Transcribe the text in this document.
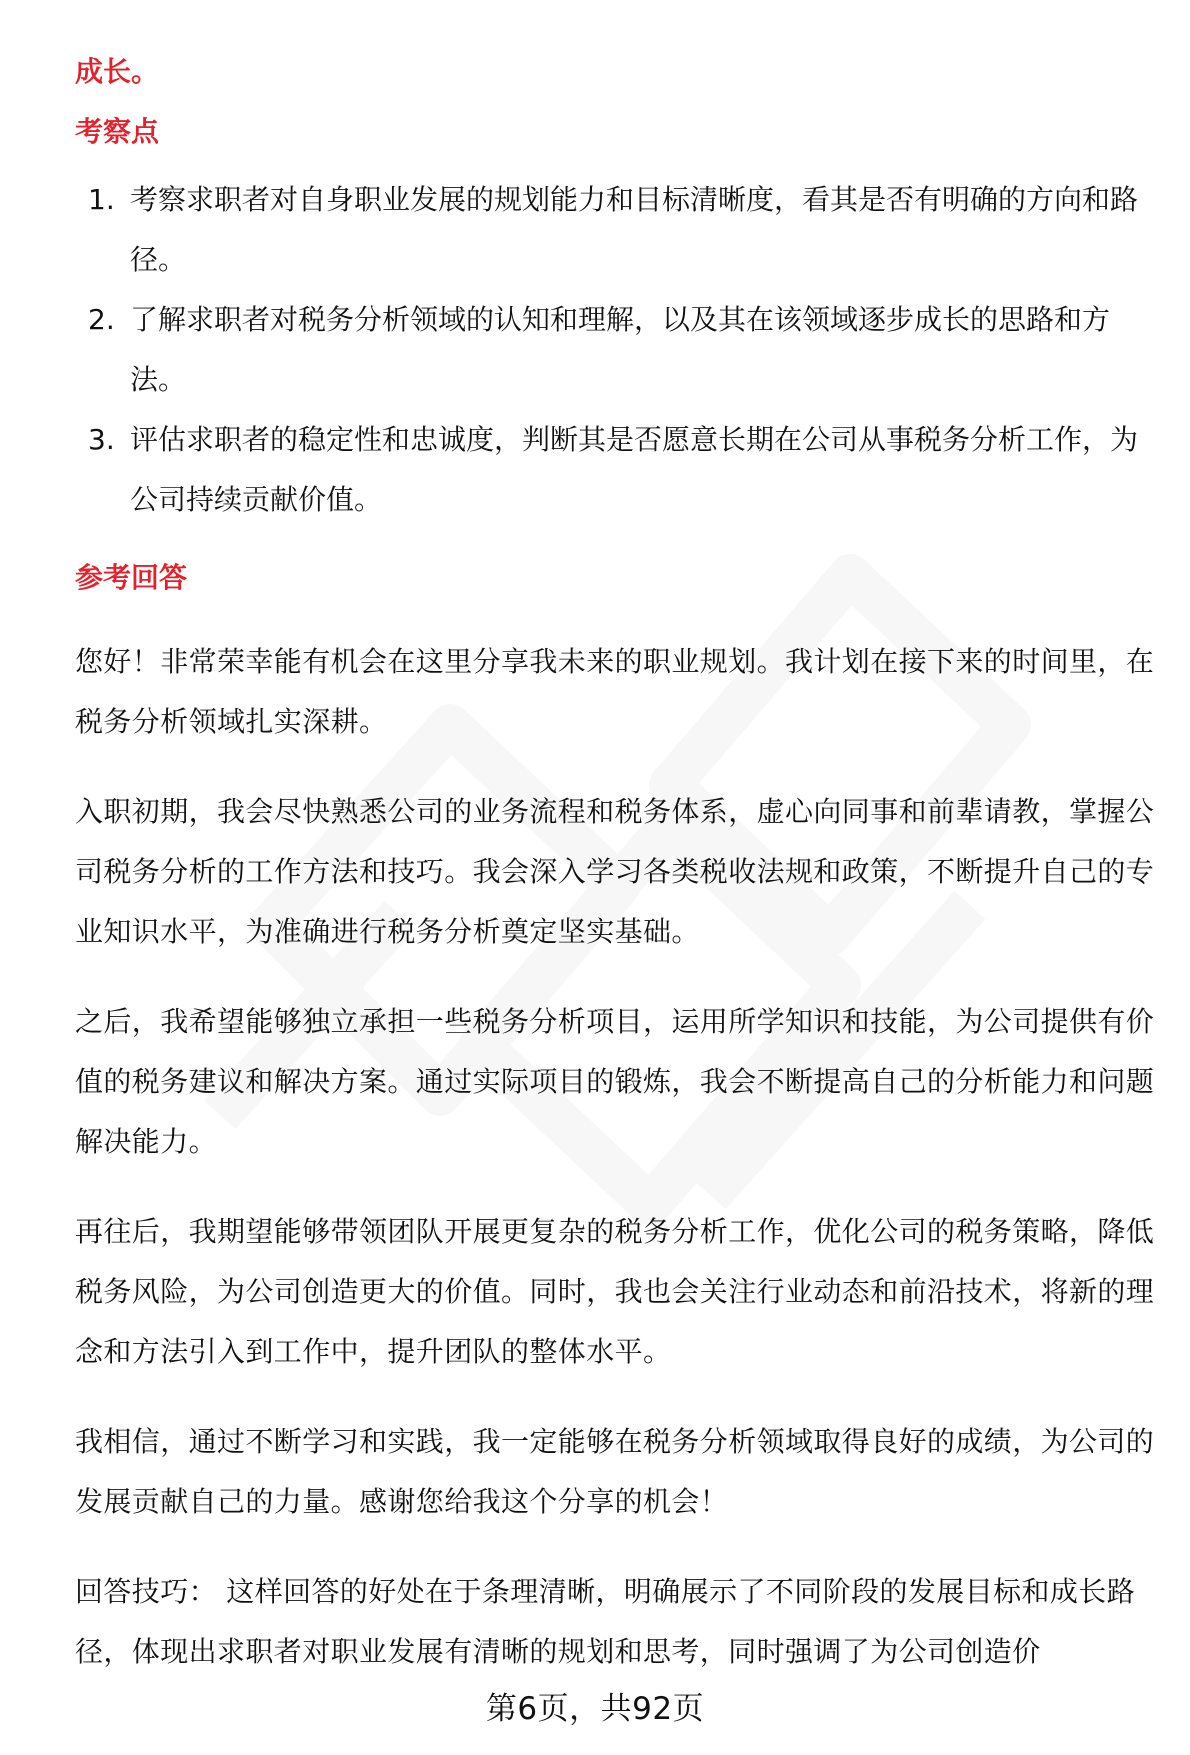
成长。
考察点
1. 考察求职者对自身职业发展的规划能力和目标清晰度，看其是否有明确的方向和路径。
2. 了解求职者对税务分析领域的认知和理解，以及其在该领域逐步成长的思路和方法。
3. 评估求职者的稳定性和忠诚度，判断其是否愿意长期在公司从事税务分析工作，为公司持续贡献价值。
参考回答

您好！非常荣幸能有机会在这里分享我未来的职业规划。我计划在接下来的时间里，在税务分析领域扎实深耕。

入职初期，我会尽快熟悉公司的业务流程和税务体系，虚心向同事和前辈请教，掌握公司税务分析的工作方法和技巧。我会深入学习各类税收法规和政策，不断提升自己的专业知识水平，为准确进行税务分析奠定坚实基础。

之后，我希望能够独立承担一些税务分析项目，运用所学知识和技能，为公司提供有价值的税务建议和解决方案。通过实际项目的锻炼，我会不断提高自己的分析能力和问题解决能力。

再往后，我期望能够带领团队开展更复杂的税务分析工作，优化公司的税务策略，降低税务风险，为公司创造更大的价值。同时，我也会关注行业动态和前沿技术，将新的理念和方法引入到工作中，提升团队的整体水平。

我相信，通过不断学习和实践，我一定能够在税务分析领域取得良好的成绩，为公司的发展贡献自己的力量。感谢您给我这个分享的机会！

回答技巧： 这样回答的好处在于条理清晰，明确展示了不同阶段的发展目标和成长路径，体现出求职者对职业发展有清晰的规划和思考，同时强调了为公司创造价

第6页，共92页
